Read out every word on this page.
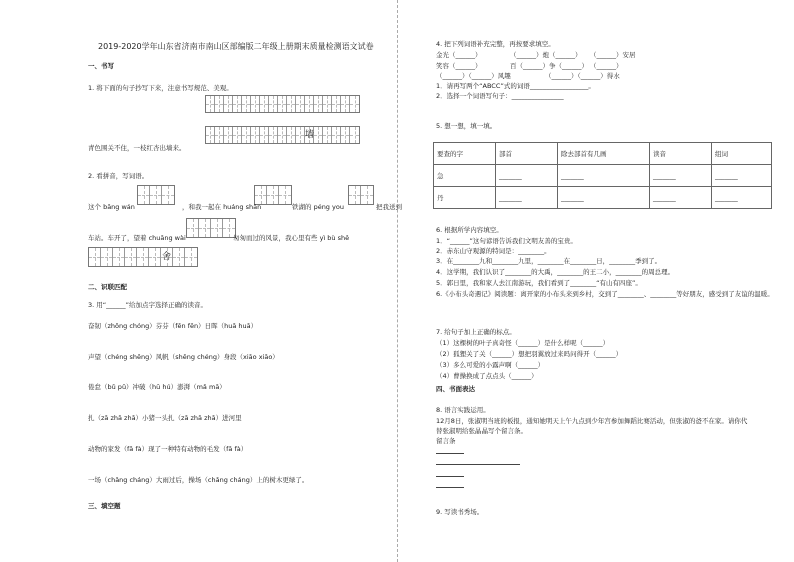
2019-2020学年山东省济南市南山区部编版二年级上册期末质量检测语文试卷
一、书写
1. 将下面的句子抄写下来，注意书写规范、美观。
墙
青色围关不住，一枝红杏出墙来。
2. 看拼音，写词语。
这个 bāng wán	，和我一起在 huáng shān	铁湖的 péng you	把我送到
车站。车开了，望着 chuāng wài	匆匆而过的风景，我心里有些 yì bù shě
舍
二、识联匹配
3. 用“______”给加点字选择正确的读音。
奋韧（zhōng chóng）芬芬（fēn fēn）日晖（huā huā）
声望（chéng shēng）风帆（shēng chéng）身段（xiāo xiāo）
倦怠（bǔ pǔ）冲破（hū hú）澎湃（mǎ mā）
扎（zā zhā zhā）小猪一头扎（zā zhā zhā）进河里
动物的家发（fā fà）现了一种特有动物的毛发（fā fà）
一场（chǎng cháng）大雨过后，操场（chǎng cháng）上的树木更绿了。
三、填空题
4. 把下列词语补充完整，再按要求填空。
金光（______）	（______）炮（______） （______）安居
笑容（______）	百（______）争（______） （______）
（______）（______）风趣	（______）（______）得水
1．请再写两个“ABCC”式的词语__________________。
2．选择一个词语写句子：________________
5. 想一想，填一填。
要查的字	部首	除去部首有几画	读音	组词
急	_______	_______	_______	_______
丹	_______	_______	_______	_______
6. 根据所学内容填空。
1．“______”这句谚语告诉我们文明友善的宝贵。
2．赤东山守观源的特词是：________。
3．在________九和________九里，________在________日，________季到了。
4．这学期，我们认识了________的大禹，________的王二小，________的周总理。
5．郭日里，我和家人去江南游玩，我们看到了________“有山有四座”。
6.《小布头奇遇记》阅读题：离开家的小布头来到乡村，交到了________、________等好朋友，感受到了友谊的温暖。
7. 给句子加上正确的标点。
（1）这棵树的叶子真奇怪（______）是什么样呢（______）
（2）狐狸关了关（______）想把羽翼放过来吗问得开（______）
（3）多么可爱的小露声啊（______）
（4）曹操换成了点点头（______）
四、书面表达
8. 语言实践运用。
12月8日，张淑明当班的板报，通知她明天上午九点到少年宫参加舞蹈比赛活动，但张淑的爸不在家。请你代
替张淑明给张晶晶写个留言条。
留言条
9. 写读书秀场。
